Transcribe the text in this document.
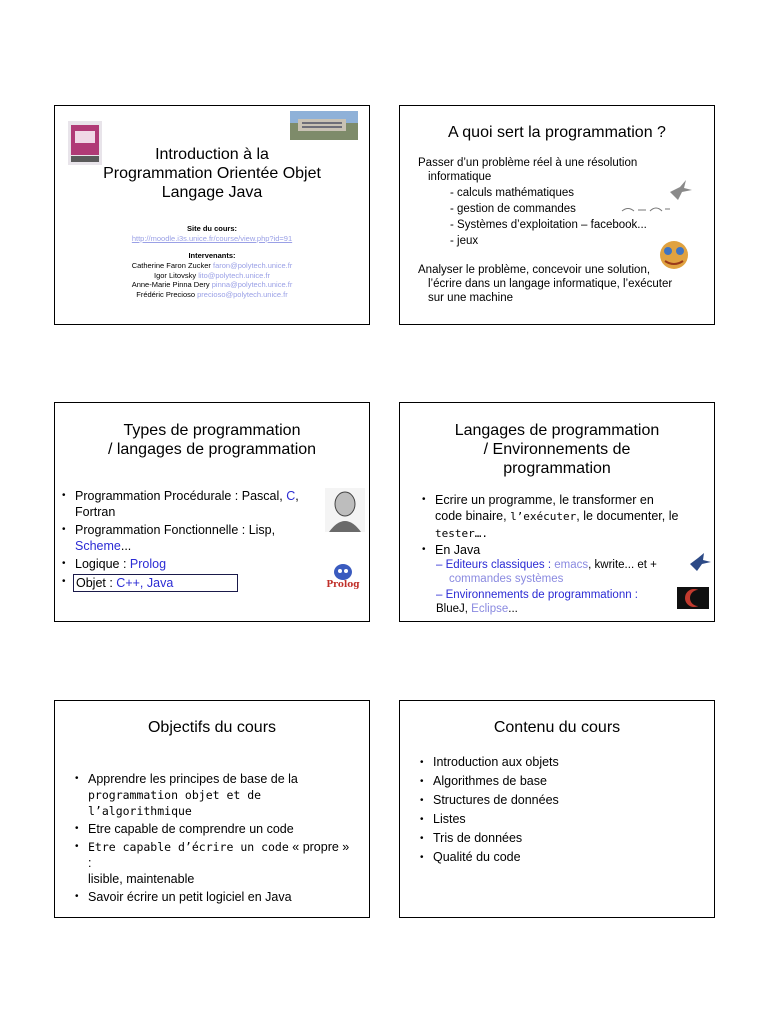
Introduction à la
Programmation Orientée Objet
Langage Java
Site du cours:
http://moodle.i3s.unice.fr/course/view.php?id=91
Intervenants:
Catherine Faron Zucker faron@polytech.unice.fr
Igor Litovsky lito@polytech.unice.fr
Anne-Marie Pinna Dery pinna@polytech.unice.fr
Frédéric Precioso precioso@polytech.unice.fr
A quoi sert la programmation ?
Passer d’un problème réel à une résolution
informatique
- calculs mathématiques
- gestion de commandes
- Systèmes d’exploitation – facebook...
- jeux
Analyser le problème, concevoir une solution,
l’écrire dans un langage informatique, l’exécuter
sur une machine
Types de programmation
/ langages de programmation
• Programmation Procédurale : Pascal, C,
Fortran
• Programmation Fonctionnelle : Lisp,
Scheme...
• Logique : Prolog
• Objet : C++, Java	Prolog
Langages de programmation
/ Environnements de
programmation
• Ecrire un programme, le transformer en
code binaire, l’exécuter, le documenter, le
tester….
• En Java
– Editeurs classiques : emacs, kwrite... et +
commandes systèmes
– Environnements de programmationn :
BlueJ, Eclipse...
Objectifs du cours
• Apprendre les principes de base de la
programmation objet et de l’algorithmique
• Etre capable de comprendre un code
• Etre capable d’écrire un code « propre » :
lisible, maintenable
• Savoir écrire un petit logiciel en Java
Contenu du cours
• Introduction aux objets
• Algorithmes de base
• Structures de données
• Listes
• Tris de données
• Qualité du code
